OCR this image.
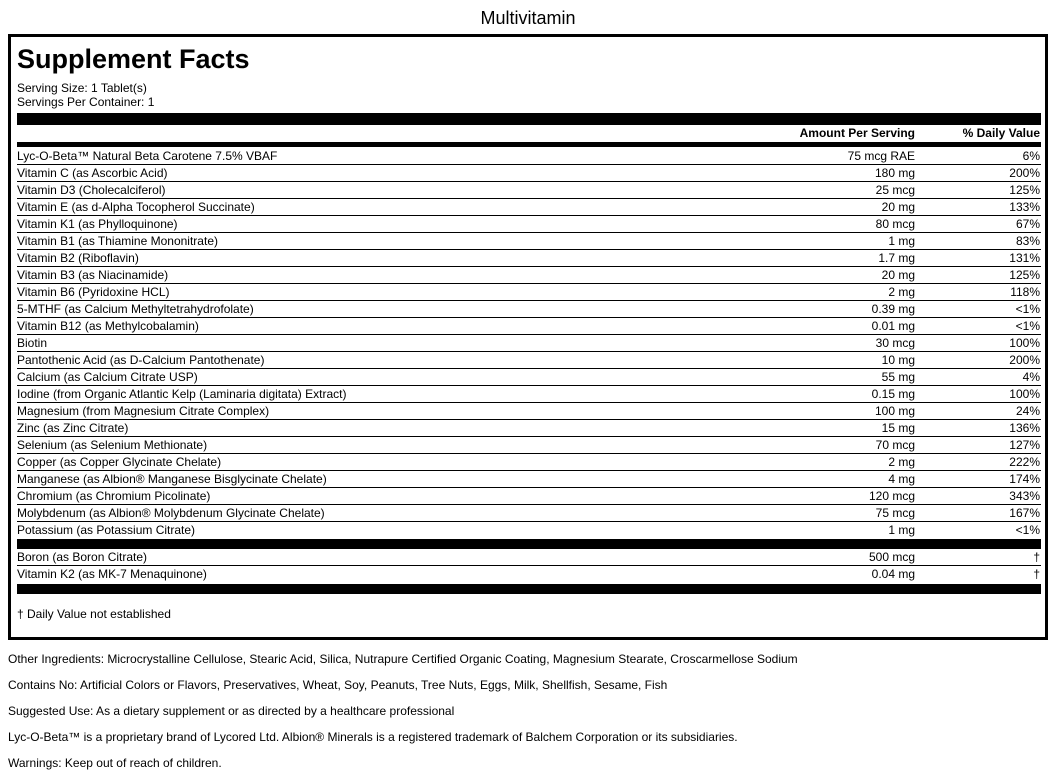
Multivitamin
Supplement Facts
Serving Size: 1 Tablet(s)
Servings Per Container: 1
Amount Per Serving	% Daily Value
Lyc-O-Beta™ Natural Beta Carotene 7.5% VBAF	75 mcg RAE	6%
Vitamin C (as Ascorbic Acid)	180 mg	200%
Vitamin D3 (Cholecalciferol)	25 mcg	125%
Vitamin E (as d-Alpha Tocopherol Succinate)	20 mg	133%
Vitamin K1 (as Phylloquinone)	80 mcg	67%
Vitamin B1 (as Thiamine Mononitrate)	1 mg	83%
Vitamin B2 (Riboflavin)	1.7 mg	131%
Vitamin B3 (as Niacinamide)	20 mg	125%
Vitamin B6 (Pyridoxine HCL)	2 mg	118%
5-MTHF (as Calcium Methyltetrahydrofolate)	0.39 mg	<1%
Vitamin B12 (as Methylcobalamin)	0.01 mg	<1%
Biotin	30 mcg	100%
Pantothenic Acid (as D-Calcium Pantothenate)	10 mg	200%
Calcium (as Calcium Citrate USP)	55 mg	4%
Iodine (from Organic Atlantic Kelp (Laminaria digitata) Extract)	0.15 mg	100%
Magnesium (from Magnesium Citrate Complex)	100 mg	24%
Zinc (as Zinc Citrate)	15 mg	136%
Selenium (as Selenium Methionate)	70 mcg	127%
Copper (as Copper Glycinate Chelate)	2 mg	222%
Manganese (as Albion® Manganese Bisglycinate Chelate)	4 mg	174%
Chromium (as Chromium Picolinate)	120 mcg	343%
Molybdenum (as Albion® Molybdenum Glycinate Chelate)	75 mcg	167%
Potassium (as Potassium Citrate)	1 mg	<1%
Boron (as Boron Citrate)	500 mcg	†
Vitamin K2 (as MK-7 Menaquinone)	0.04 mg	†
† Daily Value not established
Other Ingredients: Microcrystalline Cellulose, Stearic Acid, Silica, Nutrapure Certified Organic Coating, Magnesium Stearate, Croscarmellose Sodium
Contains No: Artificial Colors or Flavors, Preservatives, Wheat, Soy, Peanuts, Tree Nuts, Eggs, Milk, Shellfish, Sesame, Fish
Suggested Use: As a dietary supplement or as directed by a healthcare professional
Lyc-O-Beta™ is a proprietary brand of Lycored Ltd. Albion® Minerals is a registered trademark of Balchem Corporation or its subsidiaries.
Warnings: Keep out of reach of children.
